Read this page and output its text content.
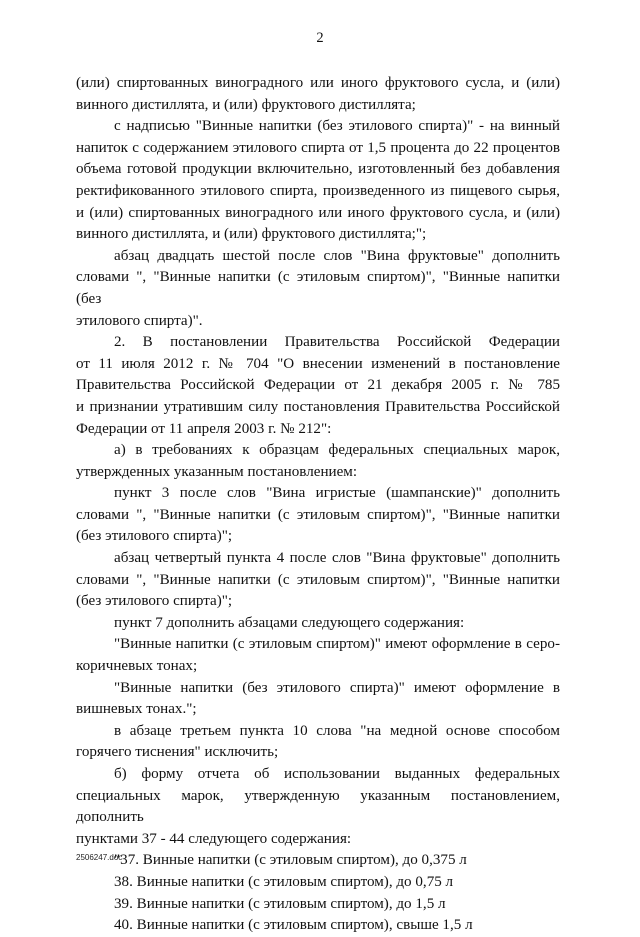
2

(или) спиртованных виноградного или иного фруктового сусла, и (или)
винного дистиллята, и (или) фруктового дистиллята;

с надписью "Винные напитки (без этилового спирта)" - на винный
напиток с содержанием этилового спирта от 1,5 процента до 22 процентов
объема готовой продукции включительно, изготовленный без добавления
ректификованного этилового спирта, произведенного из пищевого сырья,
и (или) спиртованных виноградного или иного фруктового сусла, и (или)
винного дистиллята, и (или) фруктового дистиллята;";

абзац двадцать шестой после слов "Вина фруктовые" дополнить
словами ", "Винные напитки (с этиловым спиртом)", "Винные напитки (без
этилового спирта)".

2. В постановлении Правительства Российской Федерации
от 11 июля 2012 г. № 704 "О внесении изменений в постановление
Правительства Российской Федерации от 21 декабря 2005 г. № 785
и признании утратившим силу постановления Правительства Российской
Федерации от 11 апреля 2003 г. № 212":

а) в требованиях к образцам федеральных специальных марок,
утвержденных указанным постановлением:

пункт 3 после слов "Вина игристые (шампанские)" дополнить
словами ", "Винные напитки (с этиловым спиртом)", "Винные напитки
(без этилового спирта)";

абзац четвертый пункта 4 после слов "Вина фруктовые" дополнить
словами ", "Винные напитки (с этиловым спиртом)", "Винные напитки
(без этилового спирта)";

пункт 7 дополнить абзацами следующего содержания:

"Винные напитки (с этиловым спиртом)" имеют оформление в серо-
коричневых тонах;

"Винные напитки (без этилового спирта)" имеют оформление в
вишневых тонах.";

в абзаце третьем пункта 10 слова "на медной основе способом
горячего тиснения" исключить;

б) форму отчета об использовании выданных федеральных
специальных марок, утвержденную указанным постановлением, дополнить
пунктами 37 - 44 следующего содержания:

"37. Винные напитки (с этиловым спиртом), до 0,375 л

38. Винные напитки (с этиловым спиртом), до 0,75 л

39. Винные напитки (с этиловым спиртом), до 1,5 л

40. Винные напитки (с этиловым спиртом), свыше 1,5 л

2506247.doc
